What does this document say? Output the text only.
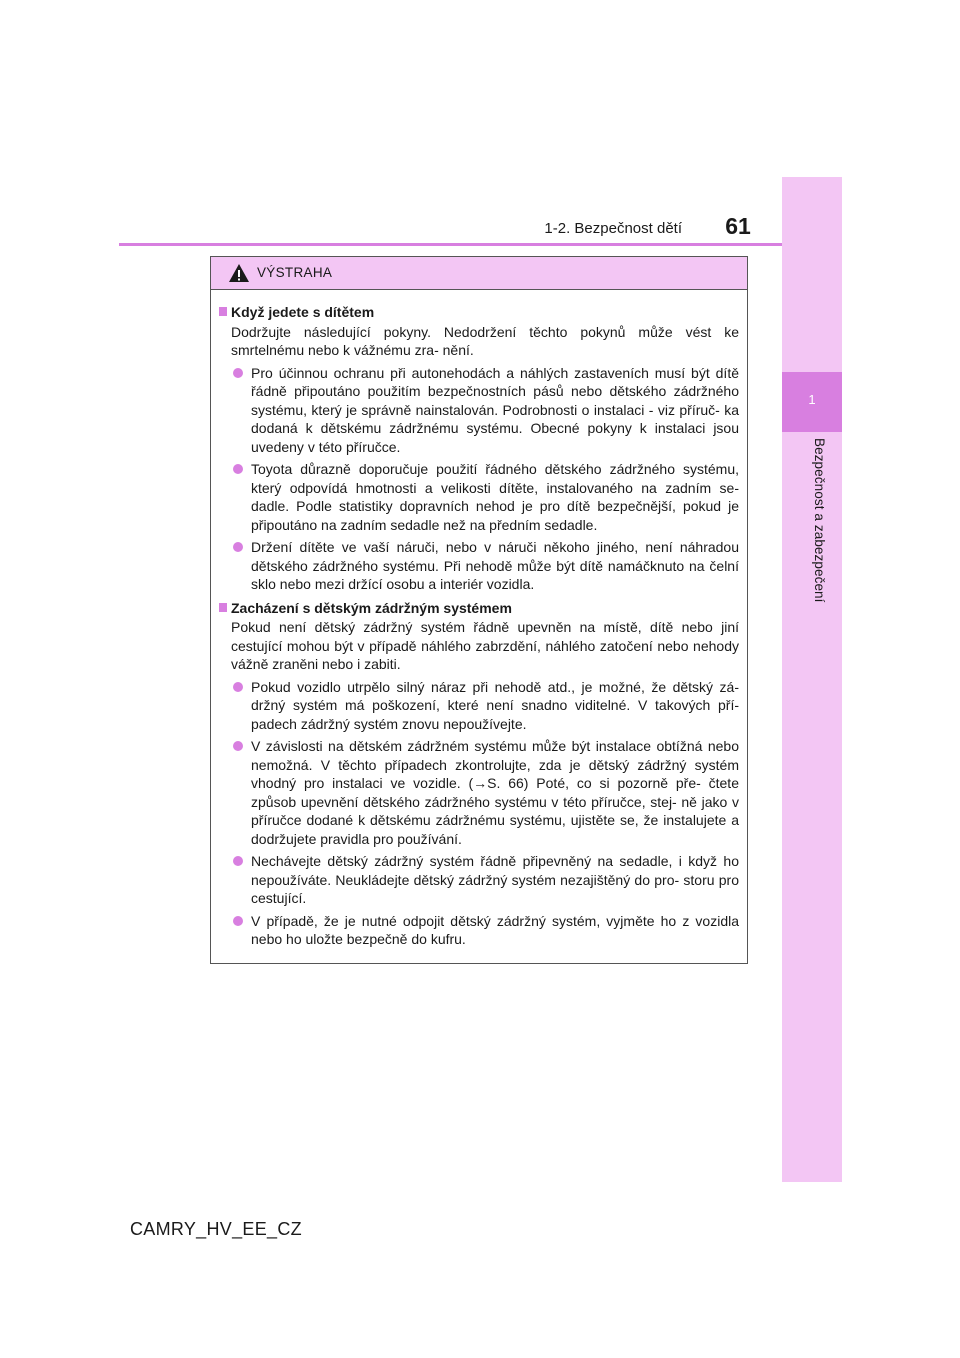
1
Bezpečnost a zabezpečení
1-2. Bezpečnost dětí	61
VÝSTRAHA
Když jedete s dítětem
Dodržujte následující pokyny. Nedodržení těchto pokynů může vést ke smrtelnému nebo k vážnému zra- nění.
Pro účinnou ochranu při autonehodách a náhlých zastaveních musí být dítě řádně připoutáno použitím bezpečnostních pásů nebo dětského zádržného systému, který je správně nainstalován. Podrobnosti o instalaci - viz příruč- ka dodaná k dětskému zádržnému systému. Obecné pokyny k instalaci jsou uvedeny v této příručce.
Toyota důrazně doporučuje použití řádného dětského zádržného systému, který odpovídá hmotnosti a velikosti dítěte, instalovaného na zadním se- dadle. Podle statistiky dopravních nehod je pro dítě bezpečnější, pokud je připoutáno na zadním sedadle než na předním sedadle.
Držení dítěte ve vaší náruči, nebo v náruči někoho jiného, není náhradou dětského zádržného systému. Při nehodě může být dítě namáčknuto na čelní sklo nebo mezi držící osobu a interiér vozidla.
Zacházení s dětským zádržným systémem
Pokud není dětský zádržný systém řádně upevněn na místě, dítě nebo jiní cestující mohou být v případě náhlého zabrzdění, náhlého zatočení nebo nehody vážně zraněni nebo i zabiti.
Pokud vozidlo utrpělo silný náraz při nehodě atd., je možné, že dětský zá- držný systém má poškození, které není snadno viditelné. V takových pří- padech zádržný systém znovu nepoužívejte.
V závislosti na dětském zádržném systému může být instalace obtížná nebo nemožná. V těchto případech zkontrolujte, zda je dětský zádržný systém vhodný pro instalaci ve vozidle. (→S. 66) Poté, co si pozorně pře- čtete způsob upevnění dětského zádržného systému v této příručce, stej- ně jako v příručce dodané k dětskému zádržnému systému, ujistěte se, že instalujete a dodržujete pravidla pro používání.
Nechávejte dětský zádržný systém řádně připevněný na sedadle, i když ho nepoužíváte. Neukládejte dětský zádržný systém nezajištěný do pro- storu pro cestující.
V případě, že je nutné odpojit dětský zádržný systém, vyjměte ho z vozidla nebo ho uložte bezpečně do kufru.
CAMRY_HV_EE_CZ
